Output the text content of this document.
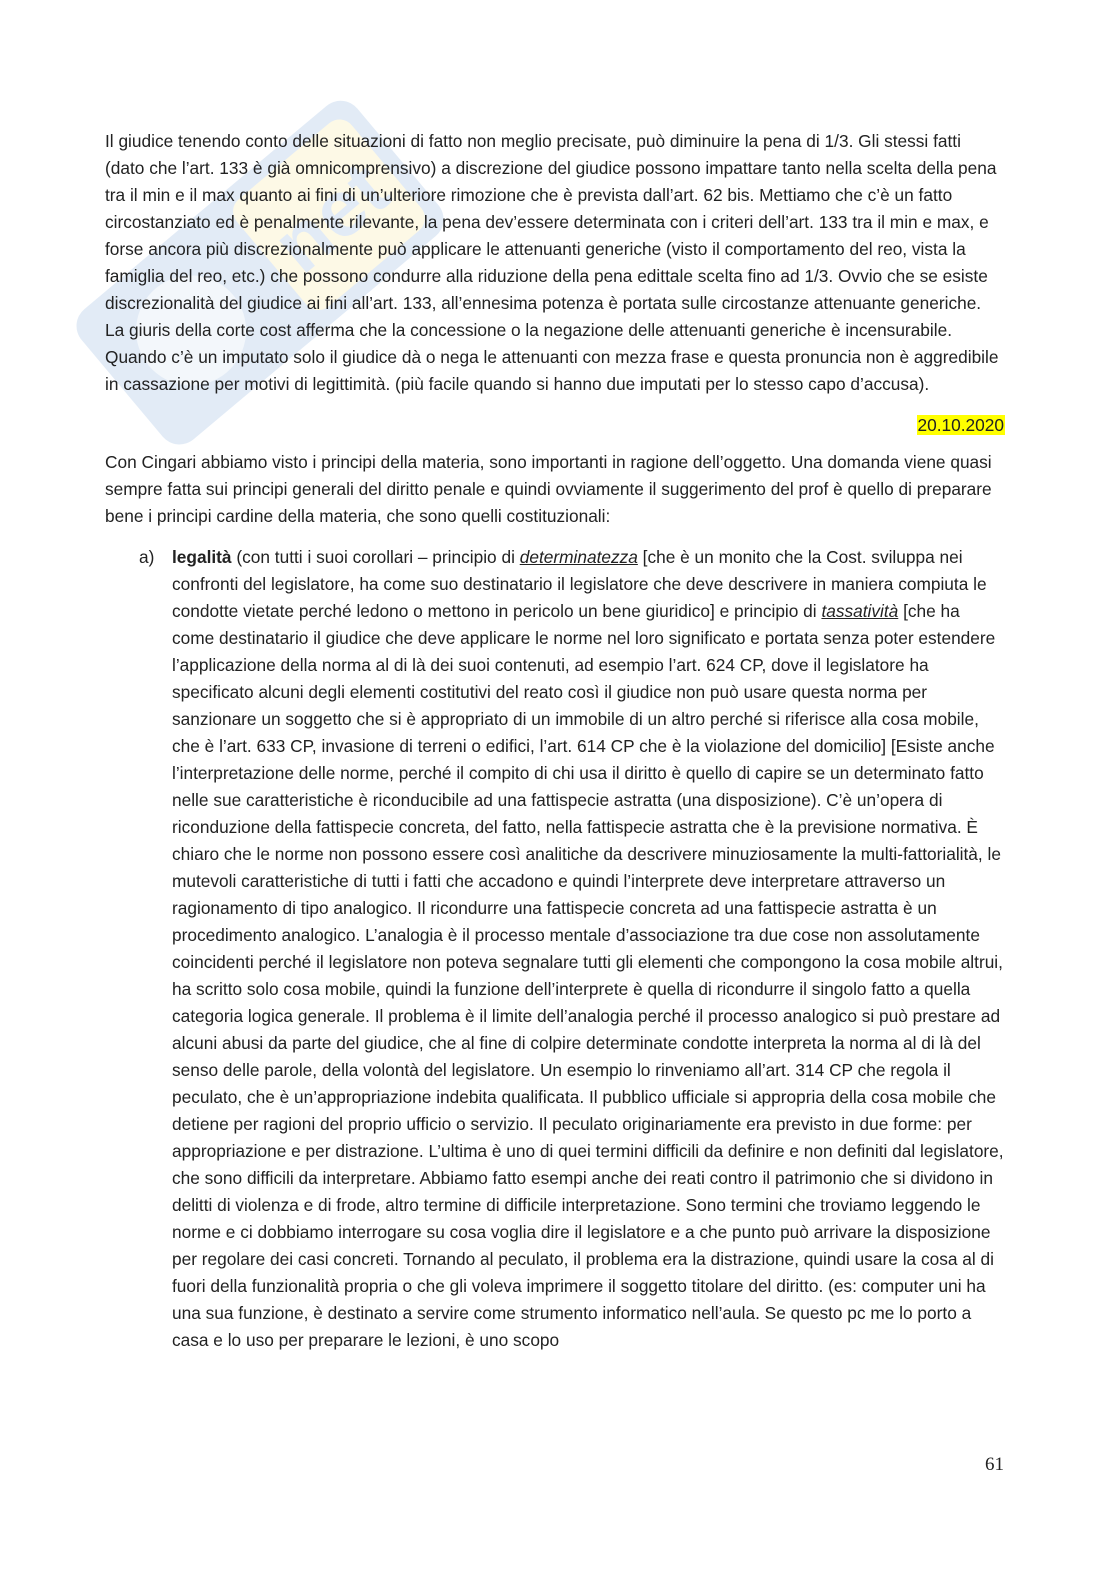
net

Il giudice tenendo conto delle situazioni di fatto non meglio precisate, può diminuire la pena di 1/3. Gli stessi fatti (dato che l’art. 133 è già omnicomprensivo) a discrezione del giudice possono impattare tanto nella scelta della pena tra il min e il max quanto ai fini di un’ulteriore rimozione che è prevista dall’art. 62 bis. Mettiamo che c’è un fatto circostanziato ed è penalmente rilevante, la pena dev’essere determinata con i criteri dell’art. 133 tra il min e max, e forse ancora più discrezionalmente può applicare le attenuanti generiche (visto il comportamento del reo, vista la famiglia del reo, etc.) che possono condurre alla riduzione della pena edittale scelta fino ad 1/3. Ovvio che se esiste discrezionalità del giudice ai fini all’art. 133, all’ennesima potenza è portata sulle circostanze attenuante generiche. La giuris della corte cost afferma che la concessione o la negazione delle attenuanti generiche è incensurabile. Quando c’è un imputato solo il giudice dà o nega le attenuanti con mezza frase e questa pronuncia non è aggredibile in cassazione per motivi di legittimità. (più facile quando si hanno due imputati per lo stesso capo d’accusa).

20.10.2020

Con Cingari abbiamo visto i principi della materia, sono importanti in ragione dell’oggetto. Una domanda viene quasi sempre fatta sui principi generali del diritto penale e quindi ovviamente il suggerimento del prof è quello di preparare bene i principi cardine della materia, che sono quelli costituzionali:

a) legalità (con tutti i suoi corollari – principio di determinatezza [che è un monito che la Cost. sviluppa nei confronti del legislatore, ha come suo destinatario il legislatore che deve descrivere in maniera compiuta le condotte vietate perché ledono o mettono in pericolo un bene giuridico] e principio di tassatività [che ha come destinatario il giudice che deve applicare le norme nel loro significato e portata senza poter estendere l’applicazione della norma al di là dei suoi contenuti, ad esempio l’art. 624 CP, dove il legislatore ha specificato alcuni degli elementi costitutivi del reato così il giudice non può usare questa norma per sanzionare un soggetto che si è appropriato di un immobile di un altro perché si riferisce alla cosa mobile, che è l’art. 633 CP, invasione di terreni o edifici, l’art. 614 CP che è la violazione del domicilio] [Esiste anche l’interpretazione delle norme, perché il compito di chi usa il diritto è quello di capire se un determinato fatto nelle sue caratteristiche è riconducibile ad una fattispecie astratta (una disposizione). C’è un’opera di riconduzione della fattispecie concreta, del fatto, nella fattispecie astratta che è la previsione normativa. È chiaro che le norme non possono essere così analitiche da descrivere minuziosamente la multi-fattorialità, le mutevoli caratteristiche di tutti i fatti che accadono e quindi l’interprete deve interpretare attraverso un ragionamento di tipo analogico. Il ricondurre una fattispecie concreta ad una fattispecie astratta è un procedimento analogico. L’analogia è il processo mentale d’associazione tra due cose non assolutamente coincidenti perché il legislatore non poteva segnalare tutti gli elementi che compongono la cosa mobile altrui, ha scritto solo cosa mobile, quindi la funzione dell’interprete è quella di ricondurre il singolo fatto a quella categoria logica generale. Il problema è il limite dell’analogia perché il processo analogico si può prestare ad alcuni abusi da parte del giudice, che al fine di colpire determinate condotte interpreta la norma al di là del senso delle parole, della volontà del legislatore. Un esempio lo rinveniamo all’art. 314 CP che regola il peculato, che è un’appropriazione indebita qualificata. Il pubblico ufficiale si appropria della cosa mobile che detiene per ragioni del proprio ufficio o servizio. Il peculato originariamente era previsto in due forme: per appropriazione e per distrazione. L’ultima è uno di quei termini difficili da definire e non definiti dal legislatore, che sono difficili da interpretare. Abbiamo fatto esempi anche dei reati contro il patrimonio che si dividono in delitti di violenza e di frode, altro termine di difficile interpretazione. Sono termini che troviamo leggendo le norme e ci dobbiamo interrogare su cosa voglia dire il legislatore e a che punto può arrivare la disposizione per regolare dei casi concreti. Tornando al peculato, il problema era la distrazione, quindi usare la cosa al di fuori della funzionalità propria o che gli voleva imprimere il soggetto titolare del diritto. (es: computer uni ha una sua funzione, è destinato a servire come strumento informatico nell’aula. Se questo pc me lo porto a casa e lo uso per preparare le lezioni, è uno scopo
61
